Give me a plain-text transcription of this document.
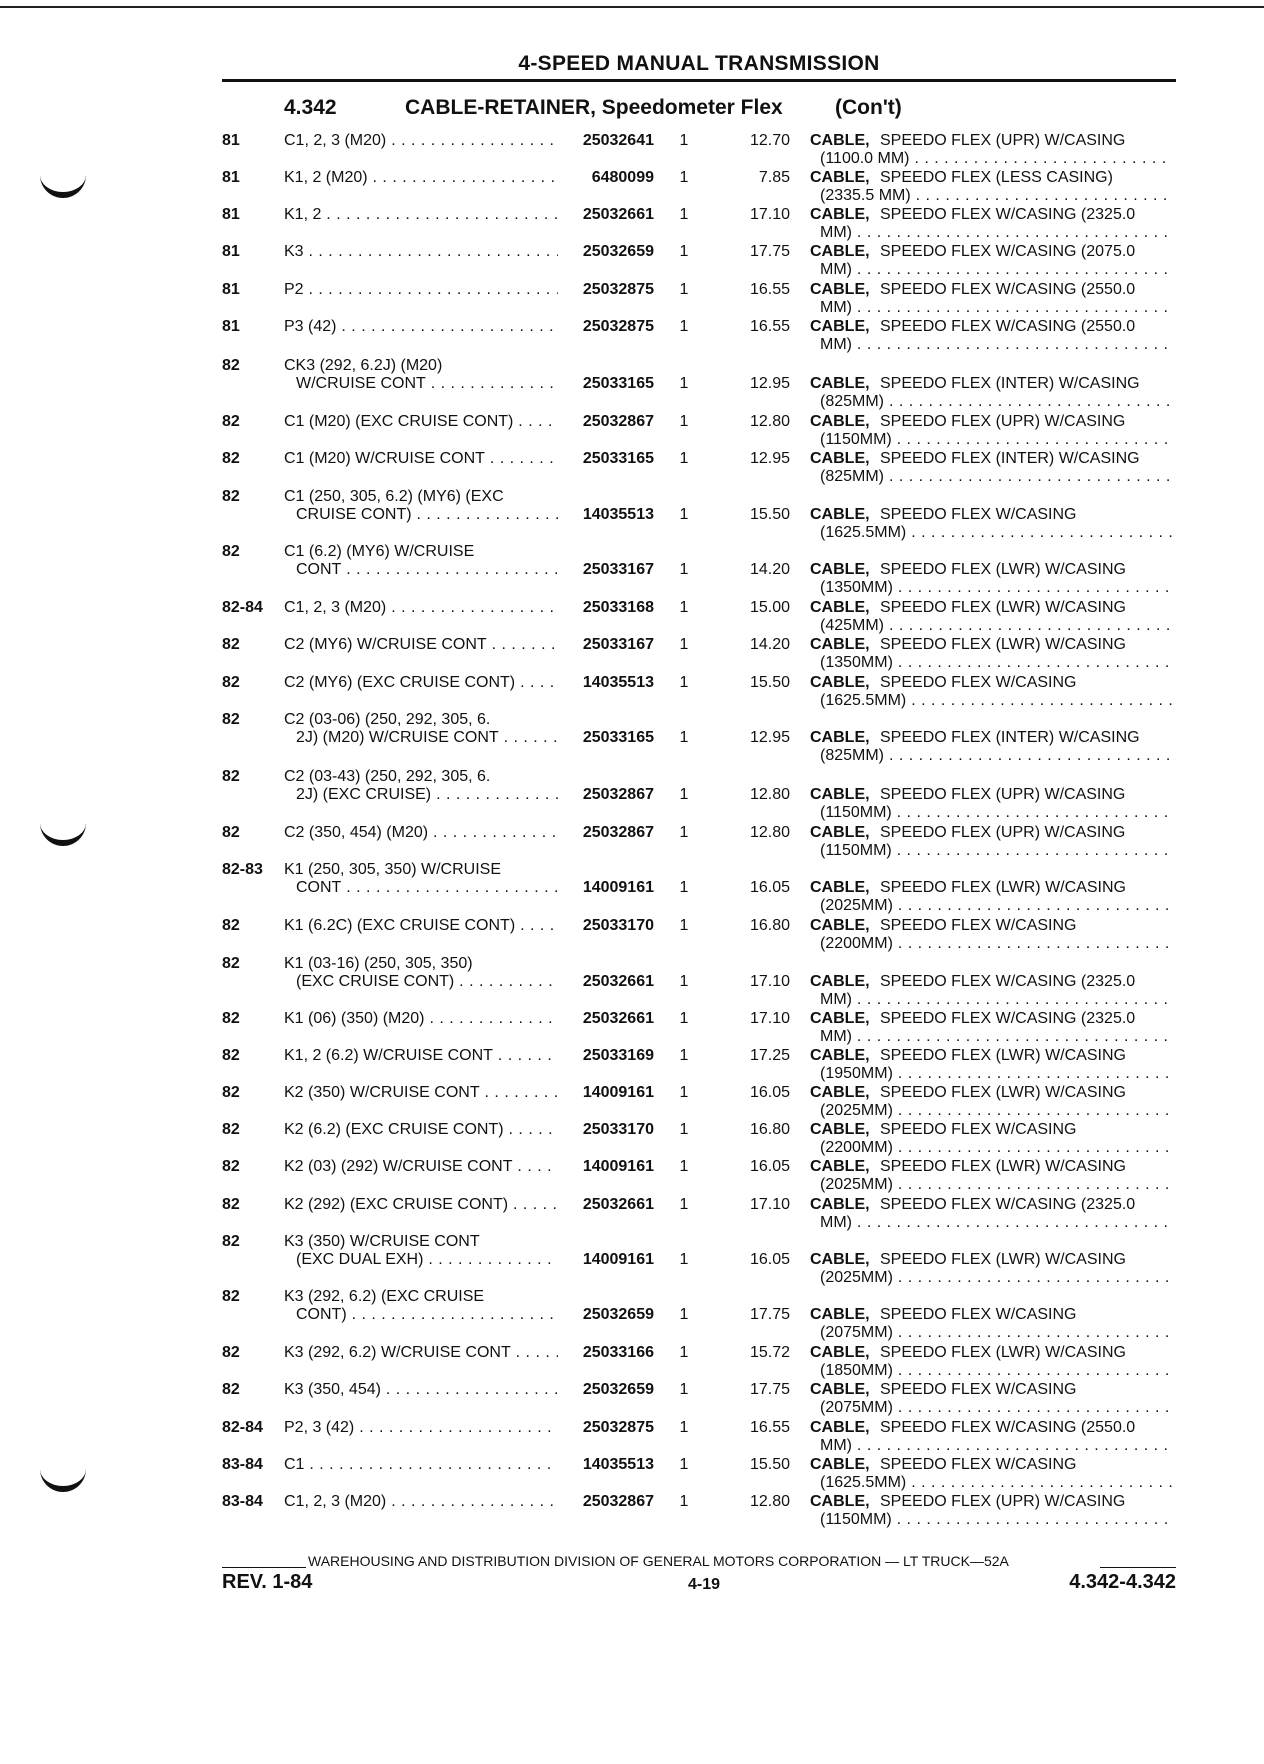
4-SPEED MANUAL TRANSMISSION
4.342	CABLE-RETAINER, Speedometer Flex (Con't)
81	C1, 2, 3 (M20) . . .	25032641 1	12.70 CABLE, SPEEDO FLEX (UPR) W/CASING
(1100.0 MM) . . .
81	K1, 2 (M20) . . .	6480099 1	7.85 CABLE, SPEEDO FLEX (LESS CASING)
(2335.5 MM) . . .
81	K1, 2 . . .	25032661 1	17.10 CABLE, SPEEDO FLEX W/CASING (2325.0
MM) . . .
81	K3 . . .	25032659 1	17.75 CABLE, SPEEDO FLEX W/CASING (2075.0
MM) . . .
81	P2 . . .	25032875 1	16.55 CABLE, SPEEDO FLEX W/CASING (2550.0
MM) . . .
81	P3 (42) . . .	25032875 1	16.55 CABLE, SPEEDO FLEX W/CASING (2550.0
MM) . . .
82	CK3 (292, 6.2J) (M20)
W/CRUISE CONT . . .	25033165 1	12.95 CABLE, SPEEDO FLEX (INTER) W/CASING
(825MM) . . .
82	C1 (M20) (EXC CRUISE CONT) . . .	25032867 1	12.80 CABLE, SPEEDO FLEX (UPR) W/CASING
(1150MM) . . .
82	C1 (M20) W/CRUISE CONT . . .	25033165 1	12.95 CABLE, SPEEDO FLEX (INTER) W/CASING
(825MM) . . .
82	C1 (250, 305, 6.2) (MY6) (EXC
CRUISE CONT) . . .	14035513 1	15.50 CABLE, SPEEDO FLEX W/CASING
(1625.5MM) . . .
82	C1 (6.2) (MY6) W/CRUISE
CONT . . .	25033167 1	14.20 CABLE, SPEEDO FLEX (LWR) W/CASING
(1350MM) . . .
82-84 C1, 2, 3 (M20) . . .	25033168 1	15.00 CABLE, SPEEDO FLEX (LWR) W/CASING
(425MM) . . .
82	C2 (MY6) W/CRUISE CONT . . .	25033167 1	14.20 CABLE, SPEEDO FLEX (LWR) W/CASING
(1350MM) . . .
82	C2 (MY6) (EXC CRUISE CONT) . . .	14035513 1	15.50 CABLE, SPEEDO FLEX W/CASING
(1625.5MM) . . .
82	C2 (03-06) (250, 292, 305, 6.
2J) (M20) W/CRUISE CONT . . .	25033165 1	12.95 CABLE, SPEEDO FLEX (INTER) W/CASING
(825MM) . . .
82	C2 (03-43) (250, 292, 305, 6.
2J) (EXC CRUISE) . . .	25032867 1	12.80 CABLE, SPEEDO FLEX (UPR) W/CASING
(1150MM) . . .
82	C2 (350, 454) (M20) . . .	25032867 1	12.80 CABLE, SPEEDO FLEX (UPR) W/CASING
(1150MM) . . .
82-83 K1 (250, 305, 350) W/CRUISE
CONT . . .	14009161 1	16.05 CABLE, SPEEDO FLEX (LWR) W/CASING
(2025MM) . . .
82	K1 (6.2C) (EXC CRUISE CONT) . . .	25033170 1	16.80 CABLE, SPEEDO FLEX W/CASING
(2200MM) . . .
82	K1 (03-16) (250, 305, 350)
(EXC CRUISE CONT) . . .	25032661 1	17.10 CABLE, SPEEDO FLEX W/CASING (2325.0
MM) . . .
82	K1 (06) (350) (M20) . . .	25032661 1	17.10 CABLE, SPEEDO FLEX W/CASING (2325.0
MM) . . .
82	K1, 2 (6.2) W/CRUISE CONT . . .	25033169 1	17.25 CABLE, SPEEDO FLEX (LWR) W/CASING
(1950MM) . . .
82	K2 (350) W/CRUISE CONT . . .	14009161 1	16.05 CABLE, SPEEDO FLEX (LWR) W/CASING
(2025MM) . . .
82	K2 (6.2) (EXC CRUISE CONT) . . .	25033170 1	16.80 CABLE, SPEEDO FLEX W/CASING
(2200MM) . . .
82	K2 (03) (292) W/CRUISE CONT . . .	14009161 1	16.05 CABLE, SPEEDO FLEX (LWR) W/CASING
(2025MM) . . .
82	K2 (292) (EXC CRUISE CONT) . . .	25032661 1	17.10 CABLE, SPEEDO FLEX W/CASING (2325.0
MM) . . .
82	K3 (350) W/CRUISE CONT
(EXC DUAL EXH) . . .	14009161 1	16.05 CABLE, SPEEDO FLEX (LWR) W/CASING
(2025MM) . . .
82	K3 (292, 6.2) (EXC CRUISE
CONT) . . .	25032659 1	17.75 CABLE, SPEEDO FLEX W/CASING
(2075MM) . . .
82	K3 (292, 6.2) W/CRUISE CONT . . .	25033166 1	15.72 CABLE, SPEEDO FLEX (LWR) W/CASING
(1850MM) . . .
82	K3 (350, 454) . . .	25032659 1	17.75 CABLE, SPEEDO FLEX W/CASING
(2075MM) . . .
82-84 P2, 3 (42) . . .	25032875 1	16.55 CABLE, SPEEDO FLEX W/CASING (2550.0
MM) . . .
83-84 C1 . . .	14035513 1	15.50 CABLE, SPEEDO FLEX W/CASING
(1625.5MM) . . .
83-84 C1, 2, 3 (M20) . . .	25032867 1	12.80 CABLE, SPEEDO FLEX (UPR) W/CASING
(1150MM) . . .
WAREHOUSING AND DISTRIBUTION DIVISION OF GENERAL MOTORS CORPORATION — LT TRUCK—52A
REV. 1-84	4-19	4.342-4.342
